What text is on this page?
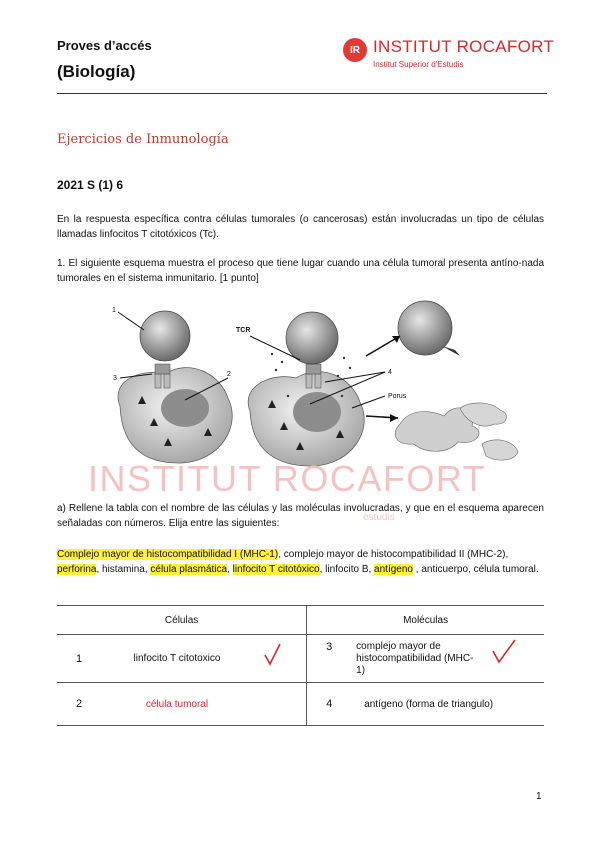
Proves d’accés
(Biología)
IR INSTITUT ROCAFORT
Institut Superior d'Estudis
Ejercicios de Inmunología
2021 S (1) 6
En la respuesta específica contra células tumorales (o cancerosas) están involucradas un tipo de células llamadas linfocitos T citotóxicos (Tc).
1. El siguiente esquema muestra el proceso que tiene lugar cuando una célula tumoral presenta antíno-nada tumorales en el sistema inmunitario. [1 punto]
1
2
3
TCR
4
Porus
INSTITUT ROCAFORT
estudis
a) Rellene la tabla con el nombre de las células y las moléculas involucradas, y que en el esquema aparecen señaladas con números. Elija entre las siguientes:
Complejo mayor de histocompatibilidad I (MHC-1), complejo mayor de histocompatibilidad II (MHC-2), perforina, histamina, célula plasmática, linfocito T citotóxico, linfocito B, antígeno , anticuerpo, célula tumoral.
Células		Moléculas	
1	linfocito T citotoxico	3	complejo mayor de histocompatibilidad (MHC-1)

2	célula tumoral	4	antígeno (forma de triangulo)
1
